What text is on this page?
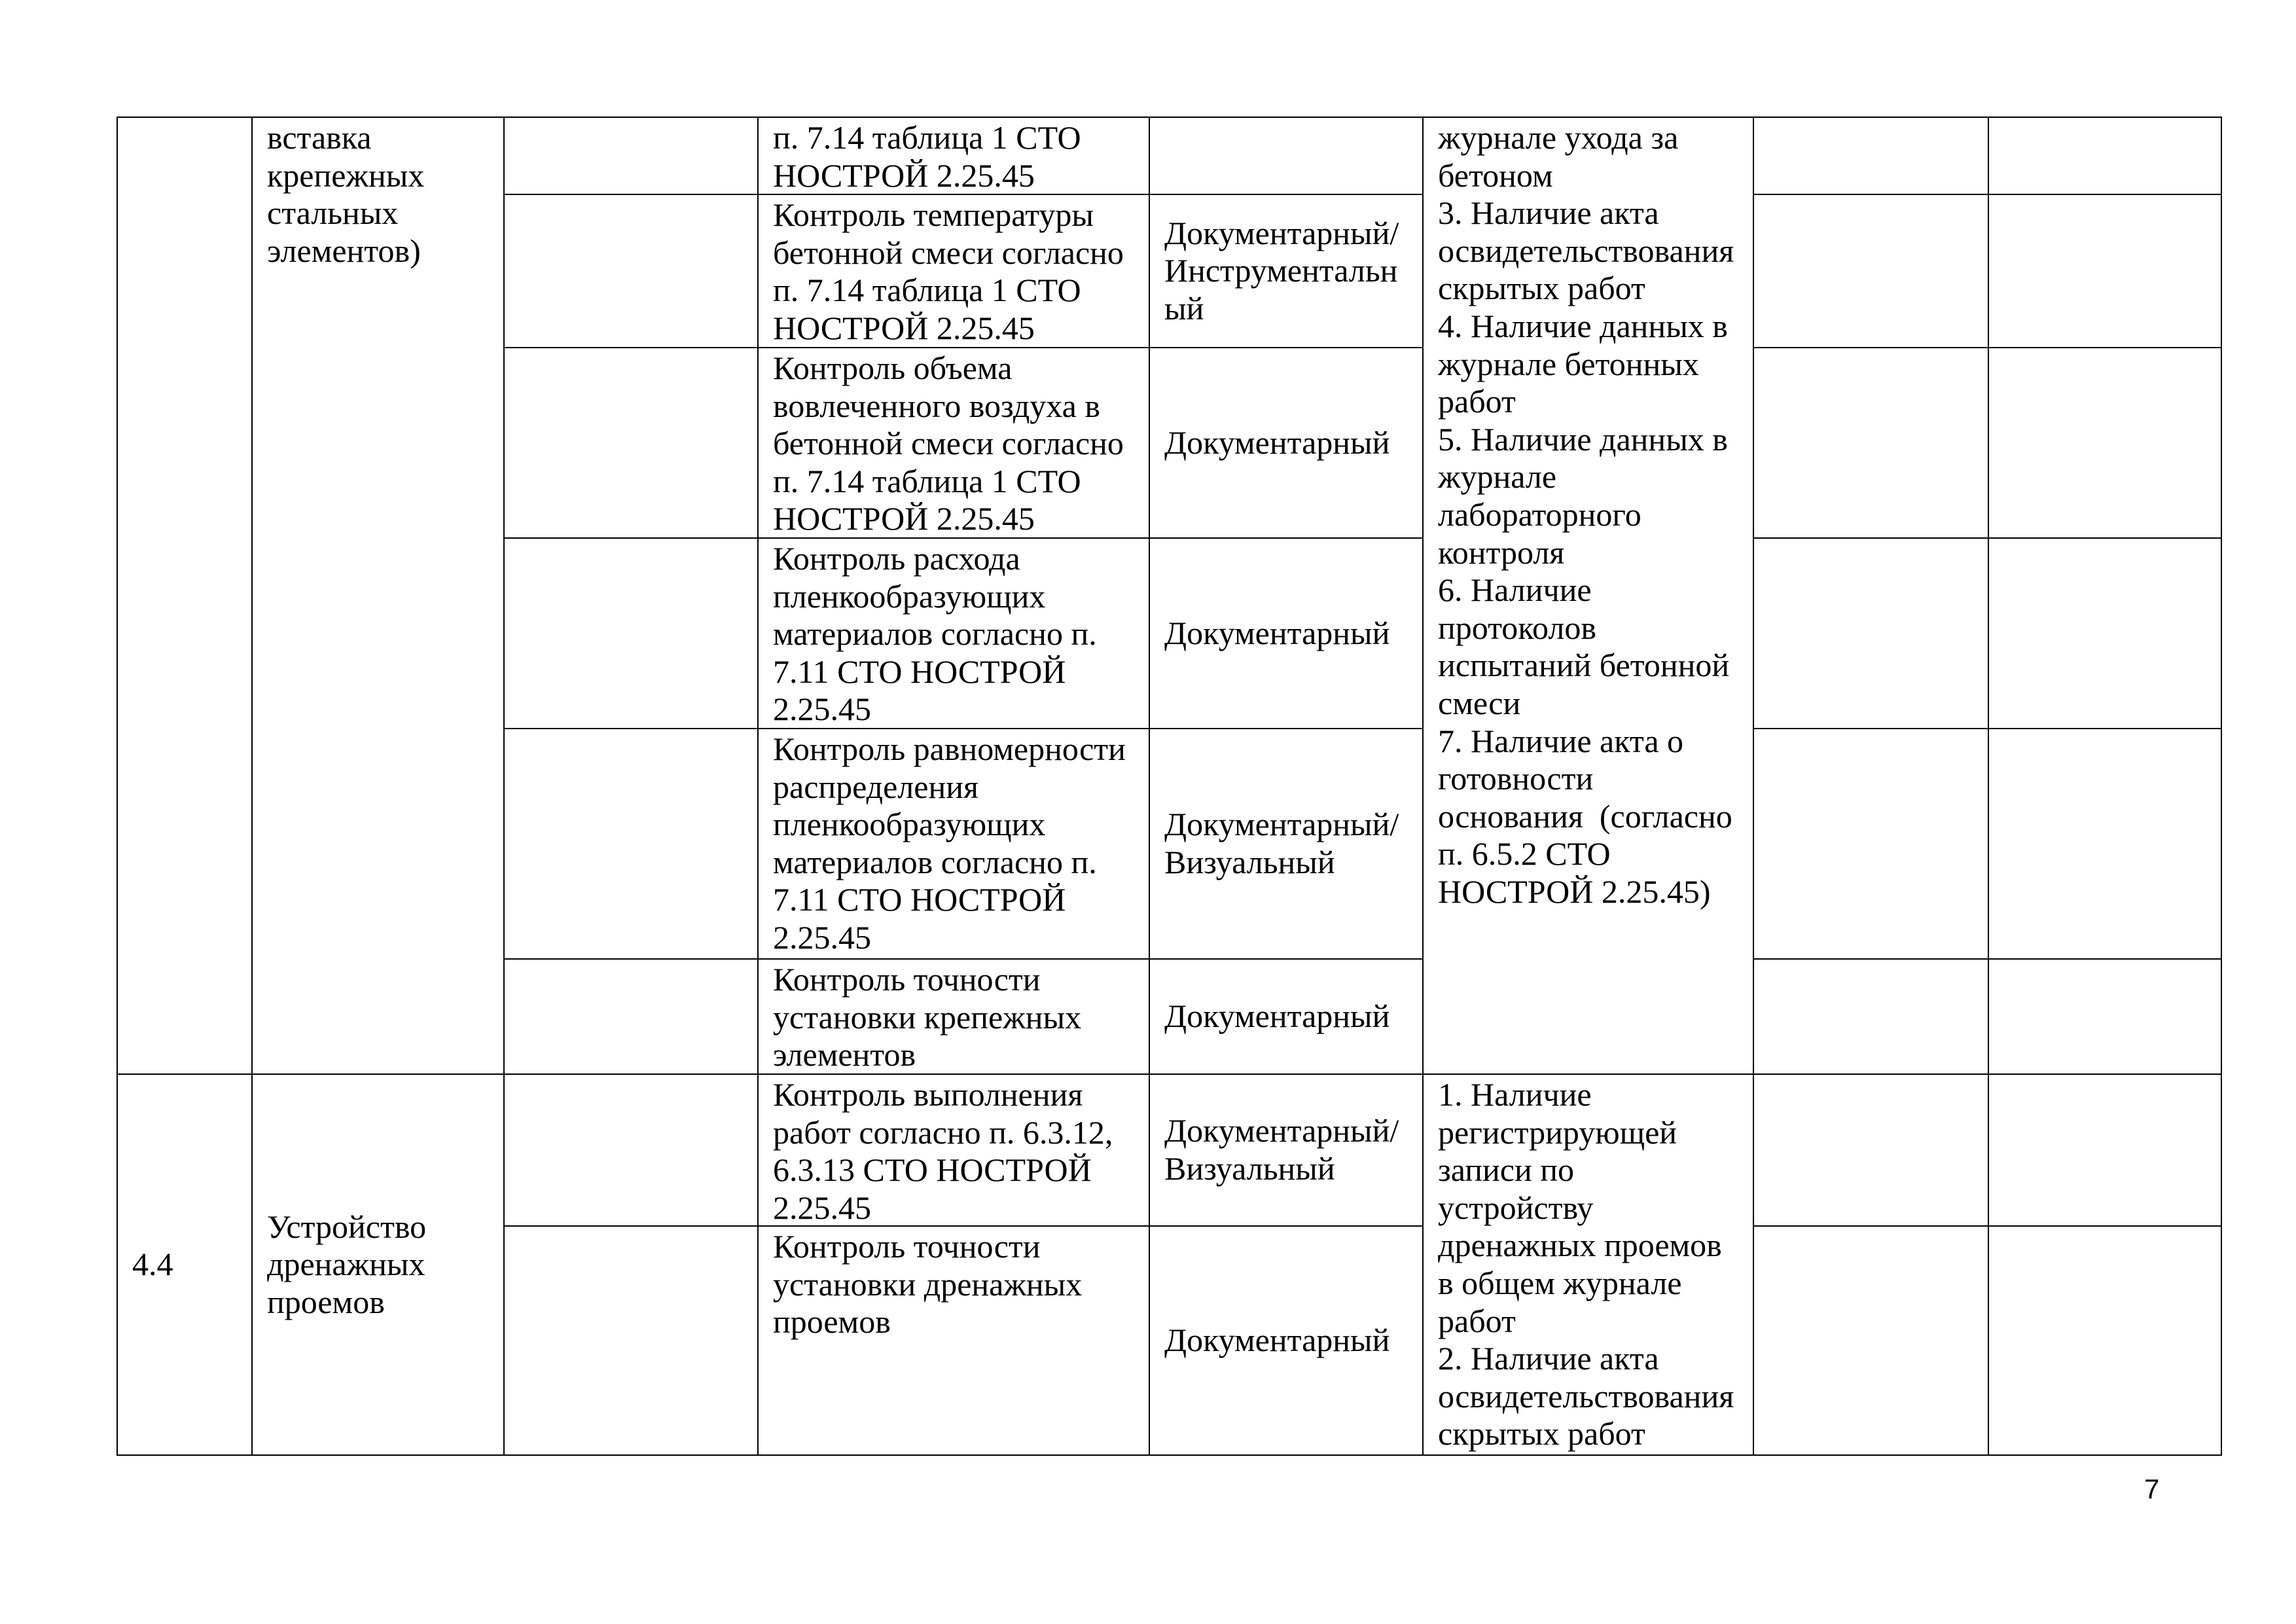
вставка
крепежных
стальных
элементов)
журнале ухода за
бетоном
3. Наличие акта
освидетельствования
скрытых работ
4. Наличие данных в
журнале бетонных
работ
5. Наличие данных в
журнале
лабораторного
контроля
6. Наличие
протоколов
испытаний бетонной
смеси
7. Наличие акта о
готовности
основания  (согласно
п. 6.5.2 СТО
НОСТРОЙ 2.25.45)
п. 7.14 таблица 1 СТО
НОСТРОЙ 2.25.45
Контроль температуры
бетонной смеси согласно
п. 7.14 таблица 1 СТО
НОСТРОЙ 2.25.45
Документарный/
Инструментальн
ый
Контроль объема
вовлеченного воздуха в
бетонной смеси согласно
п. 7.14 таблица 1 СТО
НОСТРОЙ 2.25.45
Документарный
Контроль расхода
пленкообразующих
материалов согласно п.
7.11 СТО НОСТРОЙ
2.25.45
Документарный
Контроль равномерности
распределения
пленкообразующих
материалов согласно п.
7.11 СТО НОСТРОЙ
2.25.45
Документарный/
Визуальный
Контроль точности
установки крепежных
элементов
Документарный
4.4
Устройство
дренажных
проемов
1. Наличие
регистрирующей
записи по
устройству
дренажных проемов
в общем журнале
работ
2. Наличие акта
освидетельствования
скрытых работ
Контроль выполнения
работ согласно п. 6.3.12,
6.3.13 СТО НОСТРОЙ
2.25.45
Документарный/
Визуальный
Контроль точности
установки дренажных
проемов
Документарный
7
